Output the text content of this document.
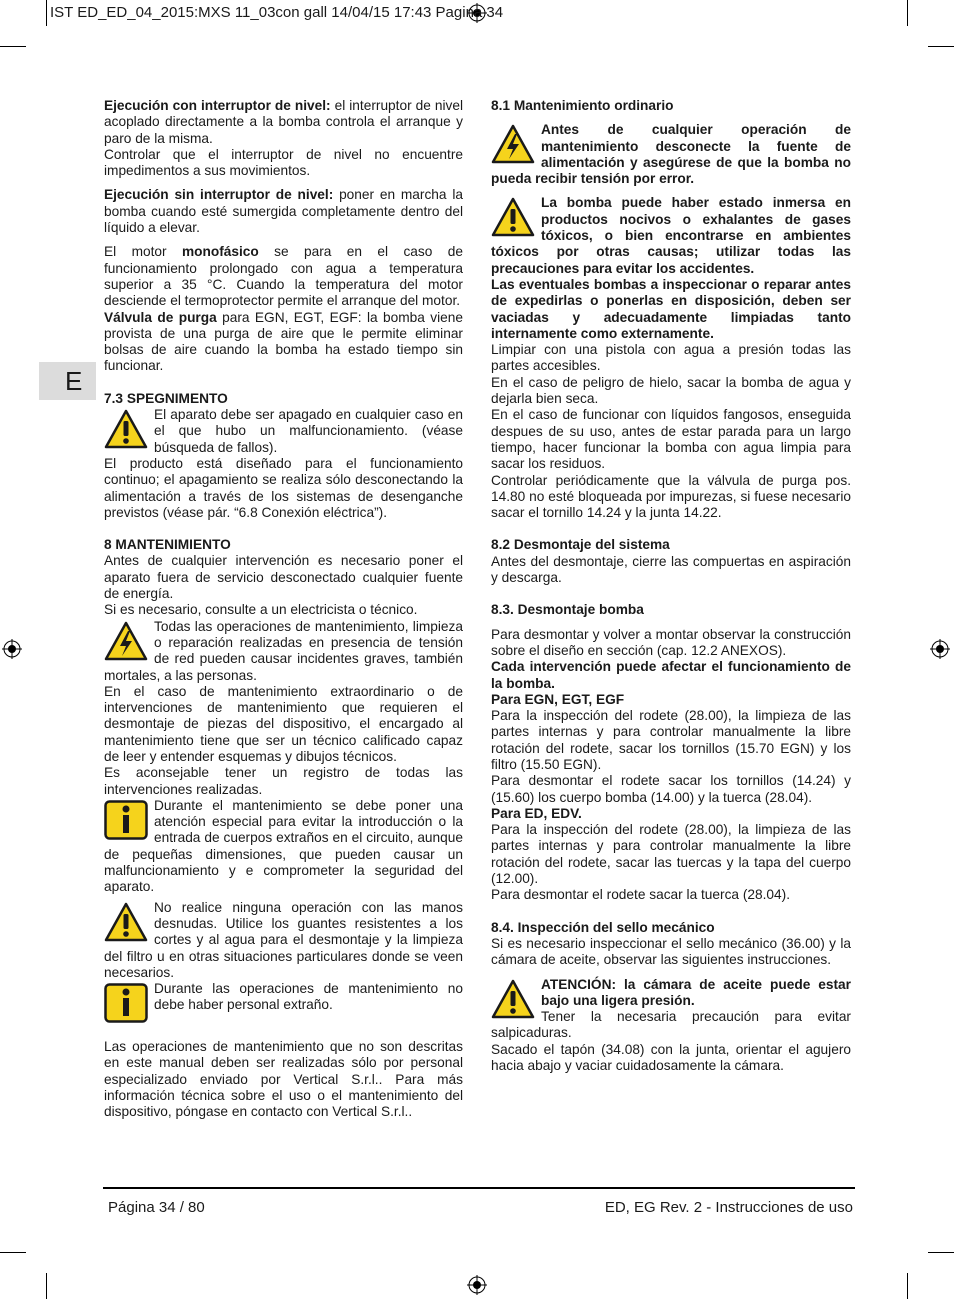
IST ED_ED_04_2015:MXS 11_03con gall 14/04/15 17:43 Pagina 34
E

Ejecución con interruptor de nivel: el interruptor de nivel acoplado directamente a la bomba controla el arranque y paro de la misma.

Controlar que el interruptor de nivel no encuentre impedimentos a sus movimientos.

Ejecución sin interruptor de nivel: poner en marcha la bomba cuando esté sumergida completamente dentro del líquido a elevar.

El motor monofásico se para en el caso de funcionamiento prolongado con agua a temperatura superior a 35 °C. Cuando la temperatura del motor desciende el termoprotector permite el arranque del motor.

Válvula de purga para EGN, EGT, EGF: la bomba viene provista de una purga de aire que le permite eliminar bolsas de aire cuando la bomba ha estado tiempo sin funcionar.

7.3 SPEGNIMENTO

El aparato debe ser apagado en cualquier caso en el que hubo un malfuncionamiento. (véase búsqueda de fallos).

El producto está diseñado para el funcionamiento continuo; el apagamiento se realiza sólo desconectando la alimentación a través de los sistemas de desenganche previstos (véase pár. “6.8 Conexión eléctrica”).

8 MANTENIMIENTO

Antes de cualquier intervención es necesario poner el aparato fuera de servicio desconectado cualquier fuente de energía.

Si es necesario, consulte a un electricista o técnico.

Todas las operaciones de mantenimiento, limpieza o reparación realizadas en presencia de tensión de red pueden causar incidentes graves, también mortales, a las personas.

En el caso de mantenimiento extraordinario o de intervenciones de mantenimiento que requieren el desmontaje de piezas del dispositivo, el encargado al mantenimiento tiene que ser un técnico calificado capaz de leer y entender esquemas y dibujos técnicos.

Es aconsejable tener un registro de todas las intervenciones realizadas.

Durante el mantenimiento se debe poner una atención especial para evitar la introducción o la entrada de cuerpos extraños en el circuito, aunque de pequeñas dimensiones, que pueden causar un malfuncionamiento y e comprometer la seguridad del aparato.

No realice ninguna operación con las manos desnudas. Utilice los guantes resistentes a los cortes y al agua para el desmontaje y la limpieza del filtro u en otras situaciones particulares donde se veen necesarios.

Durante las operaciones de mantenimiento no debe haber personal extraño.

Las operaciones de mantenimiento que no son descritas en este manual deben ser realizadas sólo por personal especializado enviado por Vertical S.r.l.. Para más información técnica sobre el uso o el mantenimiento del dispositivo, póngase en contacto con Vertical S.r.l..

8.1 Mantenimiento ordinario

Antes de cualquier operación de mantenimiento desconecte la fuente de alimentación y asegúrese de que la bomba no pueda recibir tensión por error.

La bomba puede haber estado inmersa en productos nocivos o exhalantes de gases tóxicos, o bien encontrarse en ambientes tóxicos por otras causas; utilizar todas las precauciones para evitar los accidentes.

Las eventuales bombas a inspeccionar o reparar antes de expedirlas o ponerlas en disposición, deben ser vaciadas y adecuadamente limpiadas tanto internamente como externamente.

Limpiar con una pistola con agua a presión todas las partes accesibles.

En el caso de peligro de hielo, sacar la bomba de agua y dejarla bien seca.

En el caso de funcionar con líquidos fangosos, enseguida despues de su uso, antes de estar parada para un largo tiempo, hacer funcionar la bomba con agua limpia para sacar los residuos.

Controlar periódicamente que la válvula de purga pos. 14.80 no esté bloqueada por impurezas, si fuese necesario sacar el tornillo 14.24 y la junta 14.22.

8.2 Desmontaje del sistema

Antes del desmontaje, cierre las compuertas en aspiración y descarga.

8.3. Desmontaje bomba

Para desmontar y volver a montar observar la construcción sobre el diseño en sección (cap. 12.2 ANEXOS).

Cada intervención puede afectar el funcionamiento de la bomba.

Para EGN, EGT, EGF

Para la inspección del rodete (28.00), la limpieza de las partes internas y para controlar manualmente la libre rotación del rodete, sacar los tornillos (15.70 EGN) y los filtro (15.50 EGN).

Para desmontar el rodete sacar los tornillos (14.24) y (15.60) los cuerpo bomba (14.00) y la tuerca (28.04).

Para ED, EDV.

Para la inspección del rodete (28.00), la limpieza de las partes internas y para controlar manualmente la libre rotación del rodete, sacar las tuercas y la tapa del cuerpo (12.00).

Para desmontar el rodete sacar la tuerca (28.04).

8.4. Inspección del sello mecánico

Si es necesario inspeccionar el sello mecánico (36.00) y la cámara de aceite, observar las siguientes instrucciones.

ATENCIÓN: la cámara de aceite puede estar bajo una ligera presión.

Tener la necesaria precaución para evitar salpicaduras.

Sacado el tapón (34.08) con la junta, orientar el agujero hacia abajo y vaciar cuidadosamente la cámara.

Página 34 / 80	ED, EG Rev. 2 - Instrucciones de uso
